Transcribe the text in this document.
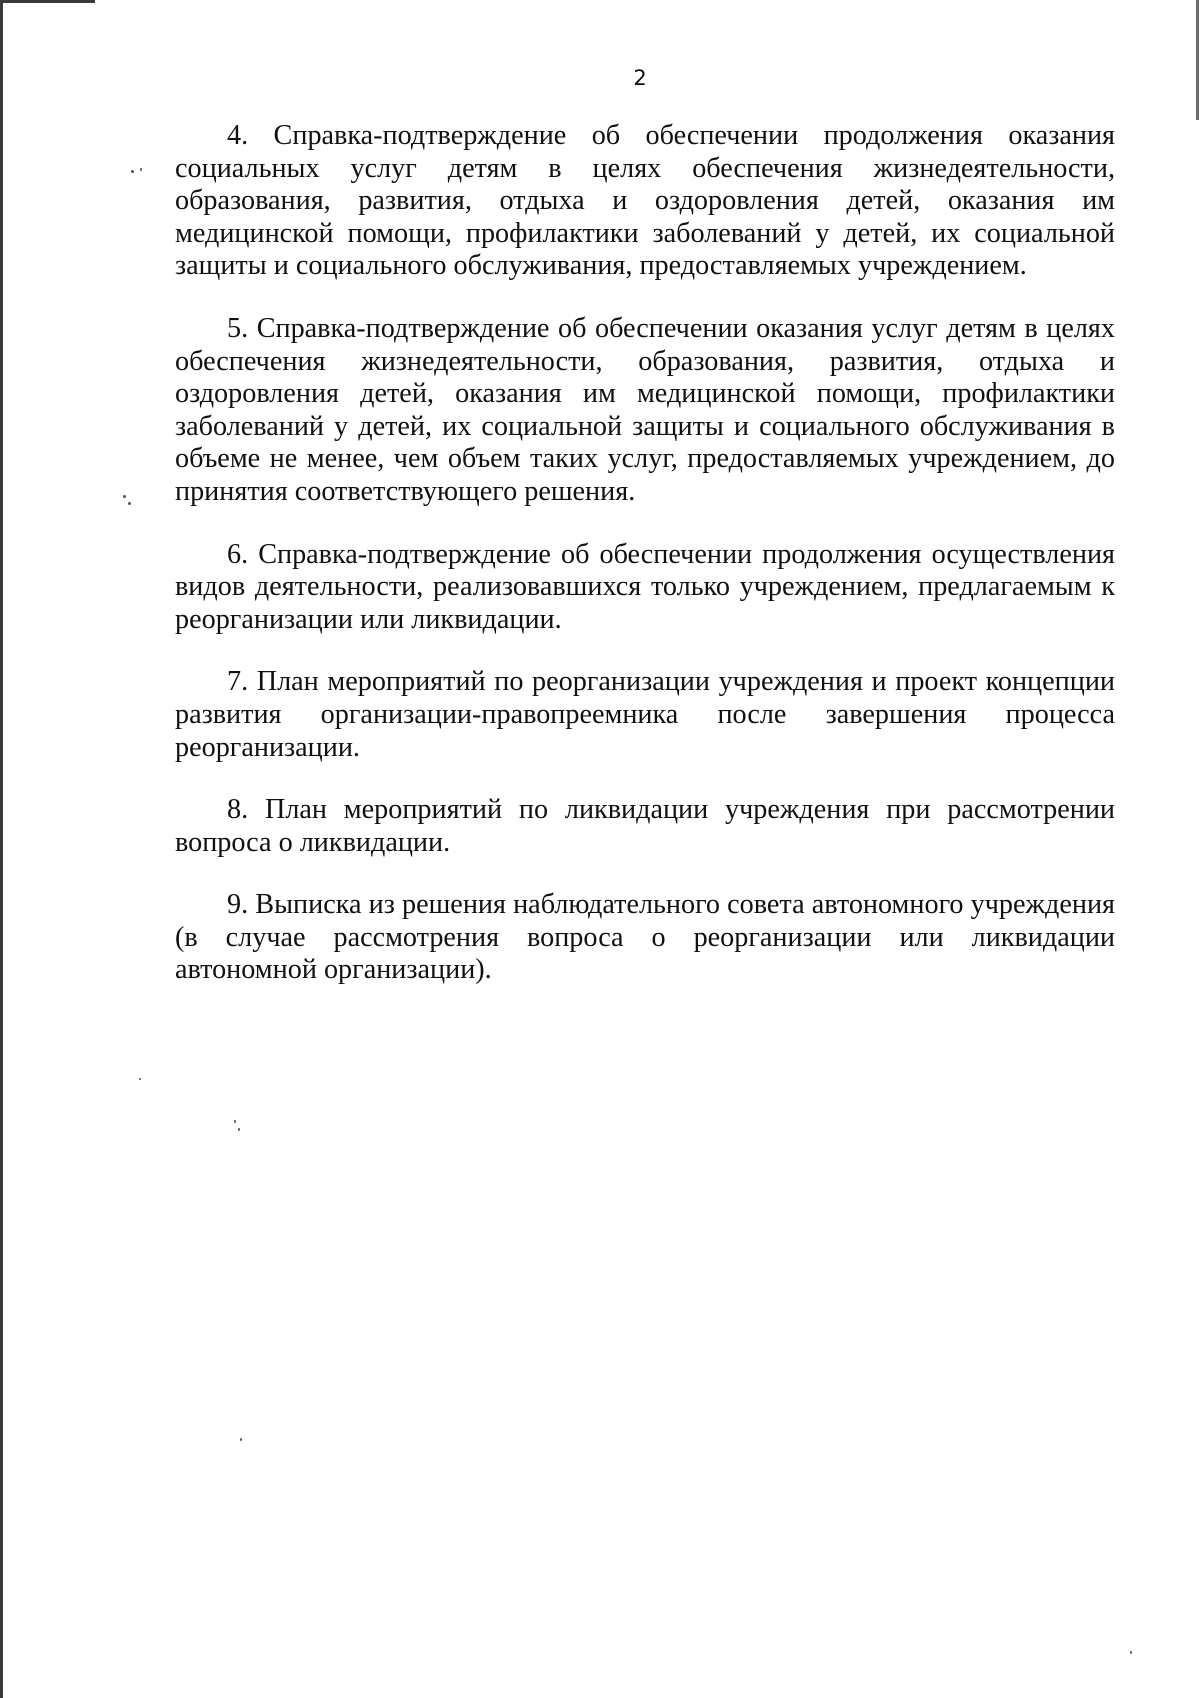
2

4. Справка-подтверждение об обеспечении продолжения оказания социальных услуг детям в целях обеспечения жизнедеятельности, образования, развития, отдыха и оздоровления детей, оказания им медицинской помощи, профилактики заболеваний у детей, их социальной защиты и социального обслуживания, предоставляемых учреждением.

5. Справка-подтверждение об обеспечении оказания услуг детям в целях обеспечения жизнедеятельности, образования, развития, отдыха и оздоровления детей, оказания им медицинской помощи, профилактики заболеваний у детей, их социальной защиты и социального обслуживания в объеме не менее, чем объем таких услуг, предоставляемых учреждением, до принятия соответствующего решения.

6. Справка-подтверждение об обеспечении продолжения осуществления видов деятельности, реализовавшихся только учреждением, предлагаемым к реорганизации или ликвидации.

7. План мероприятий по реорганизации учреждения и проект концепции развития организации-правопреемника после завершения процесса реорганизации.

8. План мероприятий по ликвидации учреждения при рассмотрении вопроса о ликвидации.

9. Выписка из решения наблюдательного совета автономного учреждения (в случае рассмотрения вопроса о реорганизации или ликвидации автономной организации).
